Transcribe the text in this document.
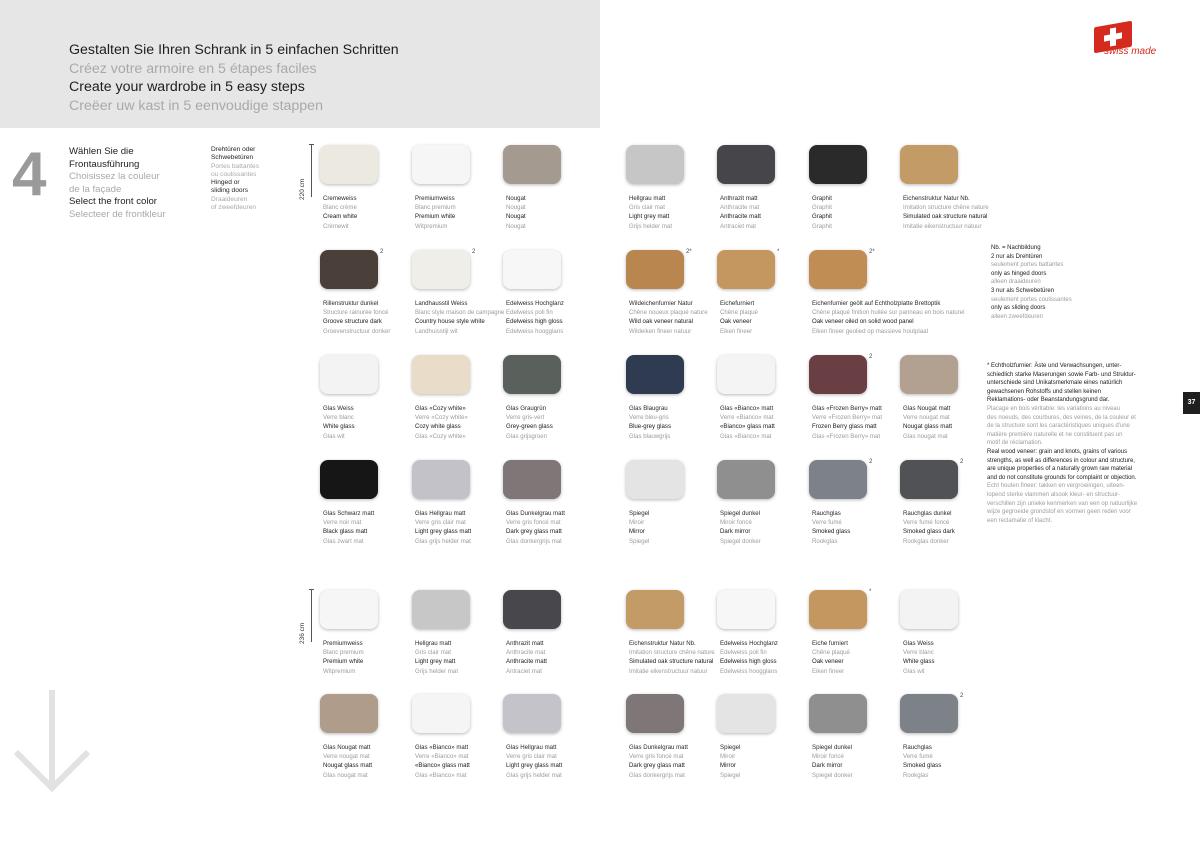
Gestalten Sie Ihren Schrank in 5 einfachen Schritten
Créez votre armoire en 5 étapes faciles
Create your wardrobe in 5 easy steps
Creëer uw kast in 5 eenvoudige stappen
swiss made
4 Wählen Sie die
Frontausführung
Choisissez la couleur
de la façade
Select the front color
Selecteer de frontkleur
Drehtüren oder
Schwebetüren
Portes battantes
ou coulissantes
Hinged or
sliding doors
Draaideuren
of zweefdeuren
220 cm
236 cm
Cremeweiss
Blanc crème
Cream white
Crèmewit
Premiumweiss
Blanc premium
Premium white
Witpremium
Nougat
Nougat
Nougat
Nougat
Hellgrau matt
Gris clair mat
Light grey matt
Grijs helder mat
Anthrazit matt
Anthracite mat
Anthracite matt
Antraciet mat
Graphit
Graphit
Graphit
Graphit
Eichenstruktur Natur Nb.
Imitation structure chêne nature
Simulated oak structure natural
Imitatie eikenstructuur natuur
2
Rillenstruktur dunkel
Structure rainurée foncé
Groove structure dark
Groevenstructuur donker
2
Landhausstil Weiss
Blanc style maison de campagne
Country house style white
Landhuisstijl wit
Edelweiss Hochglanz
Edelweiss poli fin
Edelweiss high gloss
Edelweiss hoogglans
2*
Wildeichenfurnier Natur
Chêne noueux plaqué nature
Wild oak veneer natural
Wildeiken fineer natuur
*
Eichefurniert
Chêne plaqué
Oak veneer
Eiken fineer
2*
Eichenfurnier geölt auf Echtholzplatte Brettoptik
Chêne plaqué finition huilée sur panneau en bois naturel
Oak veneer oiled on solid wood panel
Eiken fineer geolied op massieve houtplaat
Glas Weiss
Verre blanc
White glass
Glas wit
Glas «Cozy white»
Verre «Cozy white»
Cozy white glass
Glas «Cozy white»
Glas Graugrün
Verre gris-vert
Grey-green glass
Glas grijsgroen
Glas Blaugrau
Verre bleu-gris
Blue-grey glass
Glas blauwgrijs
Glas «Bianco» matt
Verre «Bianco» mat
«Bianco» glass matt
Glas «Bianco» mat
2
Glas «Frozen Berry» matt
Verre «Frozen Berry» mat
Frozen Berry glass matt
Glas «Frozen Berry» mat
Glas Nougat matt
Verre nougat mat
Nougat glass matt
Glas nougat mat
Glas Schwarz matt
Verre noir mat
Black glass matt
Glas zwart mat
Glas Hellgrau matt
Verre gris clair mat
Light grey glass matt
Glas grijs helder mat
Glas Dunkelgrau matt
Verre gris foncé mat
Dark grey glass matt
Glas donkergrijs mat
Spiegel
Miroir
Mirror
Spiegel
Spiegel dunkel
Miroir foncé
Dark mirror
Spiegel donker
2
Rauchglas
Verre fumé
Smoked glass
Rookglas
2
Rauchglas dunkel
Verre fumé foncé
Smoked glass dark
Rookglas donker
Premiumweiss
Blanc premium
Premium white
Witpremium
Hellgrau matt
Gris clair mat
Light grey matt
Grijs helder mat
Anthrazit matt
Anthracite mat
Anthracite matt
Antraciet mat
Eichenstruktur Natur Nb.
Imitation structure chêne nature
Simulated oak structure natural
Imitatie eikenstructuur natuur
Edelweiss Hochglanz
Edelweiss poli fin
Edelweiss high gloss
Edelweiss hoogglans
*
Eiche furniert
Chêne plaqué
Oak veneer
Eiken fineer
Glas Weiss
Verre blanc
White glass
Glas wit
Glas Nougat matt
Verre nougat mat
Nougat glass matt
Glas nougat mat
Glas «Bianco» matt
Verre «Bianco» mat
«Bianco» glass matt
Glas «Bianco» mat
Glas Hellgrau matt
Verre gris clair mat
Light grey glass matt
Glas grijs helder mat
Glas Dunkelgrau matt
Verre gris foncé mat
Dark grey glass matt
Glas donkergrijs mat
Spiegel
Miroir
Mirror
Spiegel
Spiegel dunkel
Miroir foncé
Dark mirror
Spiegel donker
2
Rauchglas
Verre fumé
Smoked glass
Rookglas
Nb. = Nachbildung
2 nur als Drehtüren
seulement portes battantes
only as hinged doors
alleen draaideuren
3 nur als Schwebetüren
seulement portes coulissantes
only as sliding doors
alleen zweefdeuren
* Echtholzfurnier: Äste und Verwachsungen, unter-
schiedlich starke Maserungen sowie Farb- und Struktur-
unterschiede sind Unikatsmerkmale eines natürlich
gewachsenen Rohstoffs und stellen keinen
Reklamations- oder Beanstandungsgrund dar.
Placage en bois véritable: les variations au niveau
des noeuds, des courbures, des veines, de la couleur et
de la structure sont les caractéristiques uniques d'une
matière première naturelle et ne constituent pas un
motif de réclamation.
Real wood veneer: grain and knots, grains of various
strengths, as well as differences in colour and structure,
are unique properties of a naturally grown raw material
and do not constitute grounds for complaint or objection.
Echt houten fineer: takken en vergroeiingen, uiteen-
lopend sterke vlammen alsook kleur- en structuur-
verschillen zijn unieke kenmerken van een op natuurlijke
wijze gegroeide grondstof en vormen geen reden voor
een reclamatie of klacht.
37
